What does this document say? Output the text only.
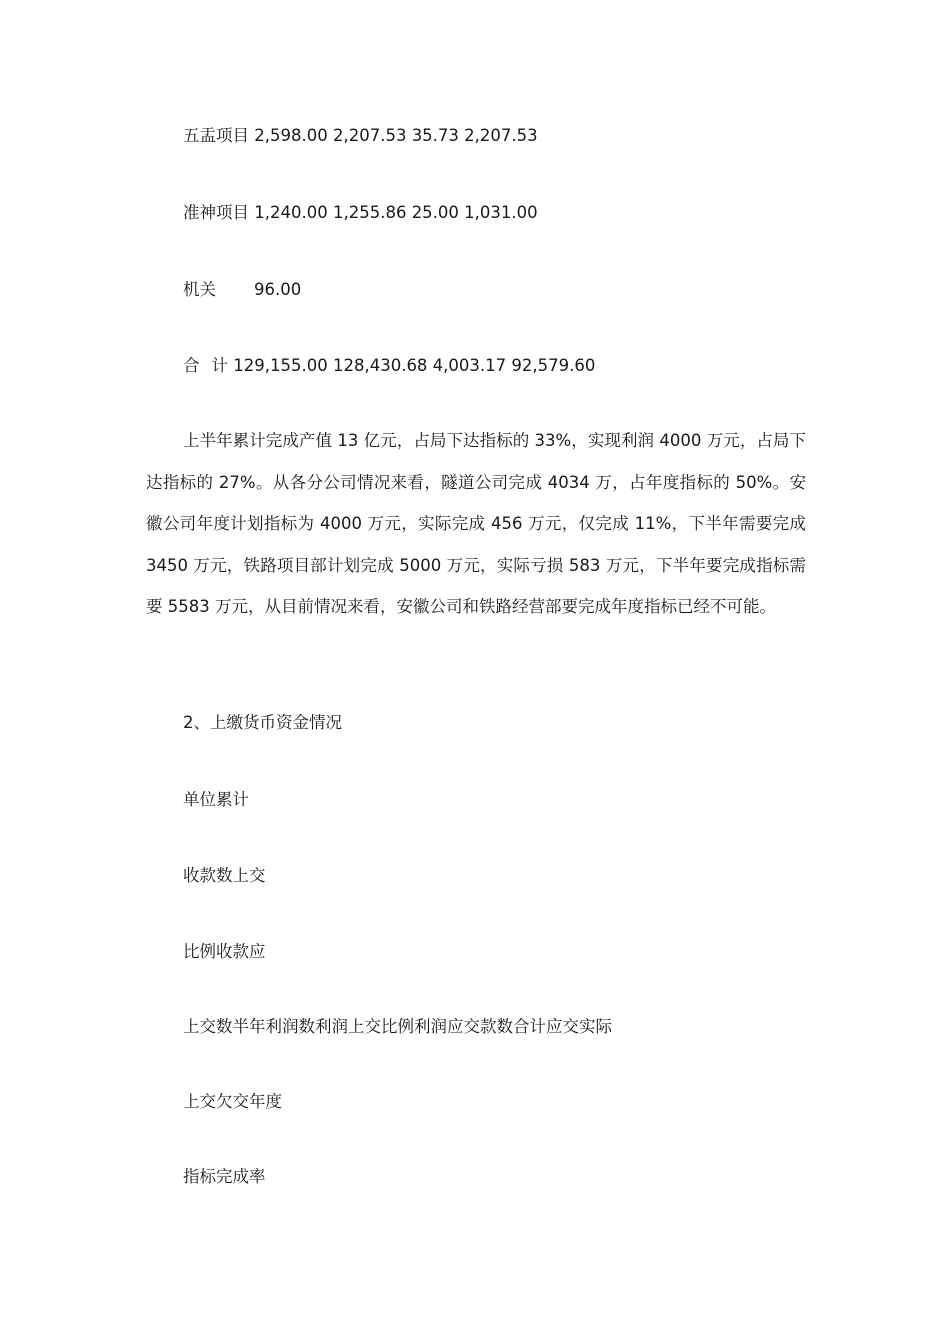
五盂项目 2,598.00 2,207.53 35.73 2,207.53
准神项目 1,240.00 1,255.86 25.00 1,031.00
机关 96.00
合 计 129,155.00 128,430.68 4,003.17 92,579.60
上半年累计完成产值 13 亿元，占局下达指标的 33%，实现利润 4000 万元，占局下达指标的 27%。从各分公司情况来看，隧道公司完成 4034 万，占年度指标的 50%。安徽公司年度计划指标为 4000 万元，实际完成 456 万元，仅完成 11%，下半年需要完成 3450 万元，铁路项目部计划完成 5000 万元，实际亏损 583 万元，下半年要完成指标需要 5583 万元，从目前情况来看，安徽公司和铁路经营部要完成年度指标已经不可能。
2、上缴货币资金情况
单位累计
收款数上交
比例收款应
上交数半年利润数利润上交比例利润应交款数合计应交实际
上交欠交年度
指标完成率
